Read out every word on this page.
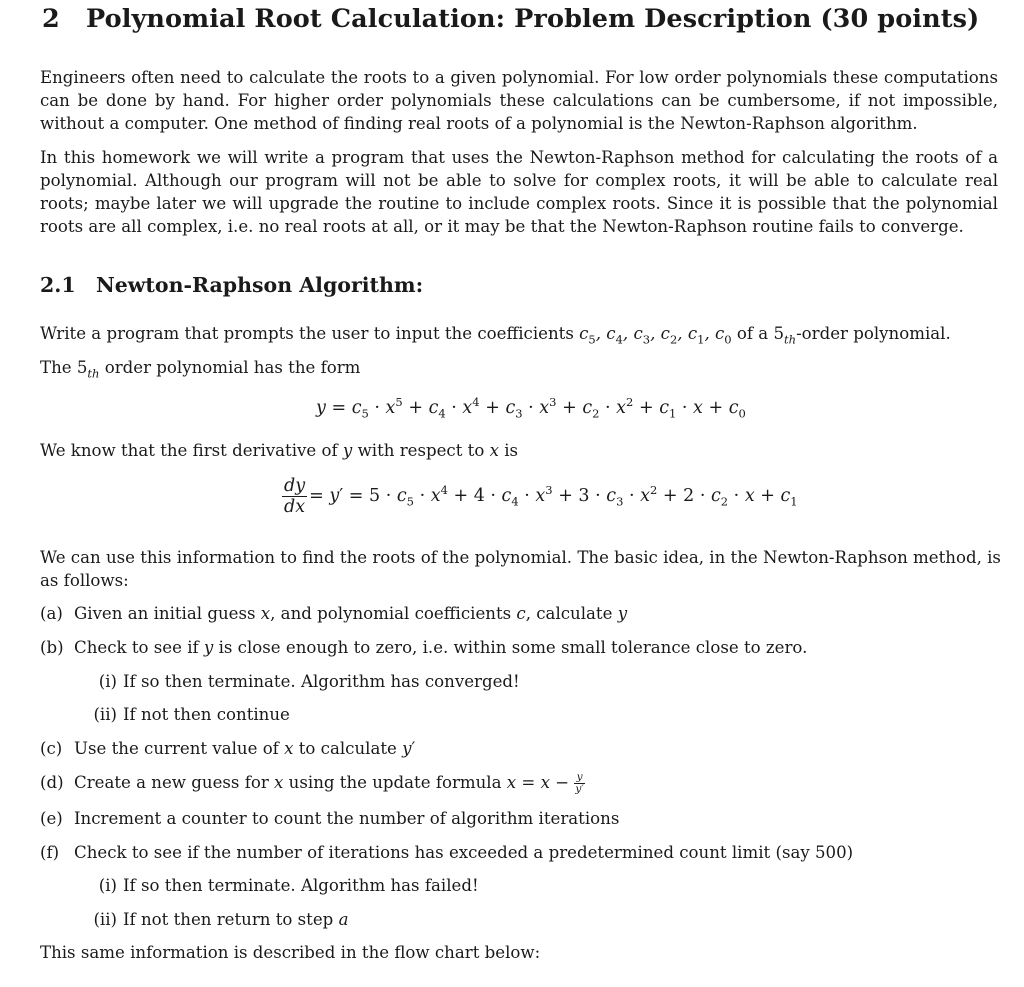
2 Polynomial Root Calculation: Problem Description (30 points)
Engineers often need to calculate the roots to a given polynomial. For low order polynomials these computations can be done by hand. For higher order polynomials these calculations can be cumbersome, if not impossible, without a computer. One method of finding real roots of a polynomial is the Newton-Raphson algorithm.
In this homework we will write a program that uses the Newton-Raphson method for calculating the roots of a polynomial. Although our program will not be able to solve for complex roots, it will be able to calculate real roots; maybe later we will upgrade the routine to include complex roots. Since it is possible that the polynomial roots are all complex, i.e. no real roots at all, or it may be that the Newton-Raphson routine fails to converge.
2.1 Newton-Raphson Algorithm:
Write a program that prompts the user to input the coefficients $c_5$, $c_4$, $c_3$, $c_2$, $c_1$, $c_0$ of a $5_{th}$-order polynomial.
The $5_{th}$ order polynomial has the form
$y = c_5 \cdot x^5 + c_4 \cdot x^4 + c_3 \cdot x^3 + c_2 \cdot x^2 + c_1 \cdot x + c_0$
We know that the first derivative of y with respect to x is
$\frac{dy}{dx} = y' = 5 \cdot c_5 \cdot x^4 + 4 \cdot c_4 \cdot x^3 + 3 \cdot c_3 \cdot x^2 + 2 \cdot c_2 \cdot x + c_1$
We can use this information to find the roots of the polynomial. The basic idea, in the Newton-Raphson method, is
as follows:
(a) Given an initial guess x, and polynomial coefficients c, calculate y
(b) Check to see if y is close enough to zero, i.e. within some small tolerance close to zero.
(i) If so then terminate. Algorithm has converged!
(ii) If not then continue
(c) Use the current value of x to calculate y′
(d) Create a new guess for x using the update formula $x = x - \frac{y}{y'}$
(e) Increment a counter to count the number of algorithm iterations
(f) Check to see if the number of iterations has exceeded a predetermined count limit (say 500)
(i) If so then terminate. Algorithm has failed!
(ii) If not then return to step a
This same information is described in the flow chart below:
